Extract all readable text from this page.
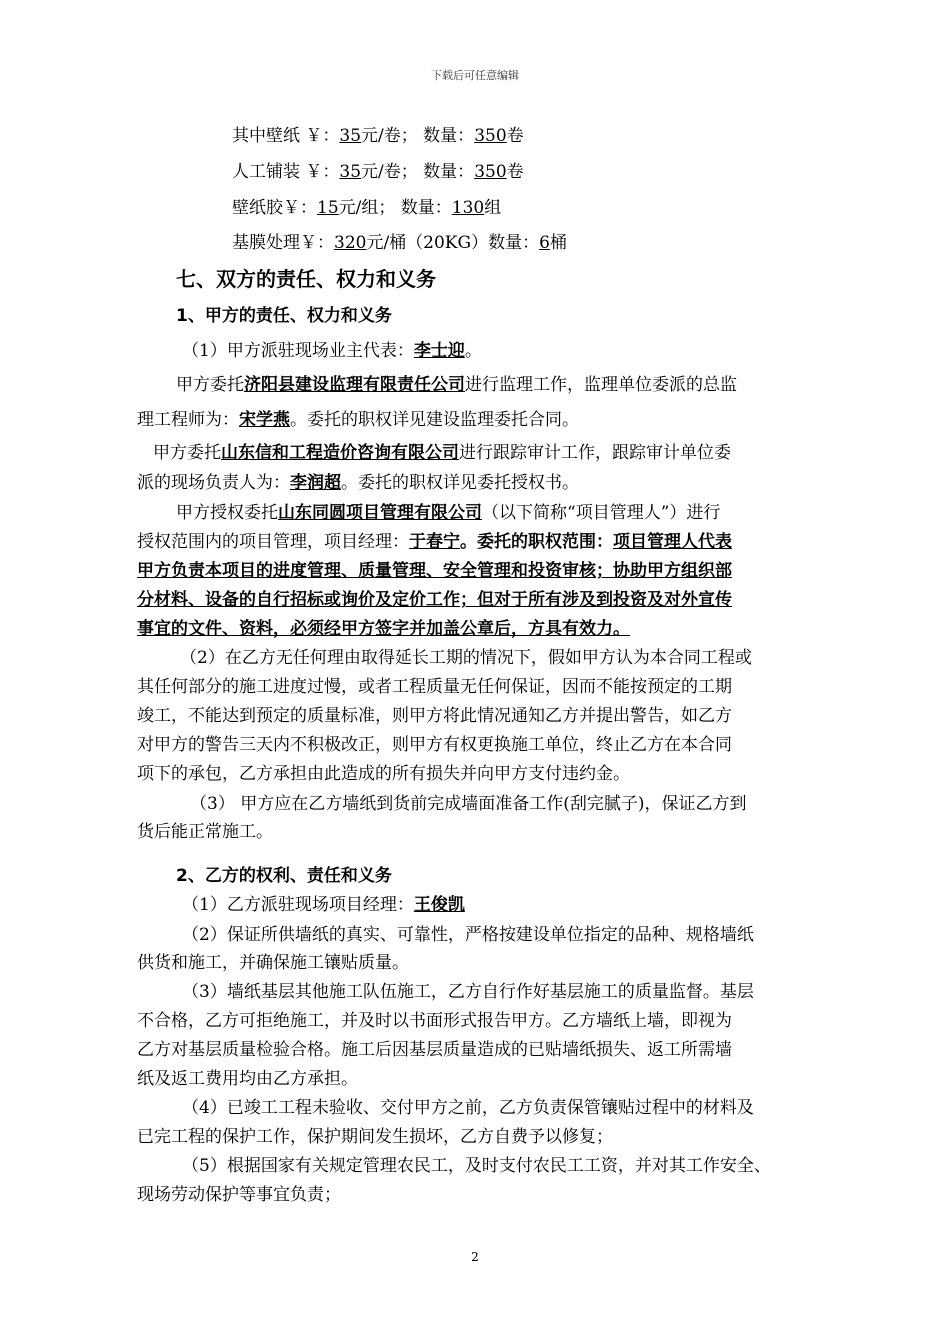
下载后可任意编辑
其中壁纸 ￥：35元/卷； 数量：350卷
人工铺装 ￥：35元/卷； 数量：350卷
壁纸胶￥：15元/组； 数量：130组
基膜处理￥：320元/桶（20KG）数量：6桶
七、双方的责任、权力和义务
1、甲方的责任、权力和义务
（1）甲方派驻现场业主代表：李士迎。
甲方委托济阳县建设监理有限责任公司进行监理工作，监理单位委派的总监
理工程师为：宋学燕。委托的职权详见建设监理委托合同。
甲方委托山东信和工程造价咨询有限公司进行跟踪审计工作，跟踪审计单位委
派的现场负责人为：李润超。委托的职权详见委托授权书。
甲方授权委托山东同圆项目管理有限公司（以下简称“项目管理人”）进行
授权范围内的项目管理，项目经理：于春宁。委托的职权范围：项目管理人代表
甲方负责本项目的进度管理、质量管理、安全管理和投资审核；协助甲方组织部
分材料、设备的自行招标或询价及定价工作；但对于所有涉及到投资及对外宣传
事宜的文件、资料，必须经甲方签字并加盖公章后，方具有效力。
（2）在乙方无任何理由取得延长工期的情况下，假如甲方认为本合同工程或
其任何部分的施工进度过慢，或者工程质量无任何保证，因而不能按预定的工期
竣工，不能达到预定的质量标准，则甲方将此情况通知乙方并提出警告，如乙方
对甲方的警告三天内不积极改正，则甲方有权更换施工单位，终止乙方在本合同
项下的承包，乙方承担由此造成的所有损失并向甲方支付违约金。
（3） 甲方应在乙方墙纸到货前完成墙面准备工作(刮完腻子)，保证乙方到
货后能正常施工。
2、乙方的权利、责任和义务
（1）乙方派驻现场项目经理：王俊凯
（2）保证所供墙纸的真实、可靠性，严格按建设单位指定的品种、规格墙纸
供货和施工，并确保施工镶贴质量。
（3）墙纸基层其他施工队伍施工，乙方自行作好基层施工的质量监督。基层
不合格，乙方可拒绝施工，并及时以书面形式报告甲方。乙方墙纸上墙，即视为
乙方对基层质量检验合格。施工后因基层质量造成的已贴墙纸损失、返工所需墙
纸及返工费用均由乙方承担。
（4）已竣工工程未验收、交付甲方之前，乙方负责保管镶贴过程中的材料及
已完工程的保护工作，保护期间发生损坏，乙方自费予以修复；
（5）根据国家有关规定管理农民工，及时支付农民工工资，并对其工作安全、
现场劳动保护等事宜负责；
2
